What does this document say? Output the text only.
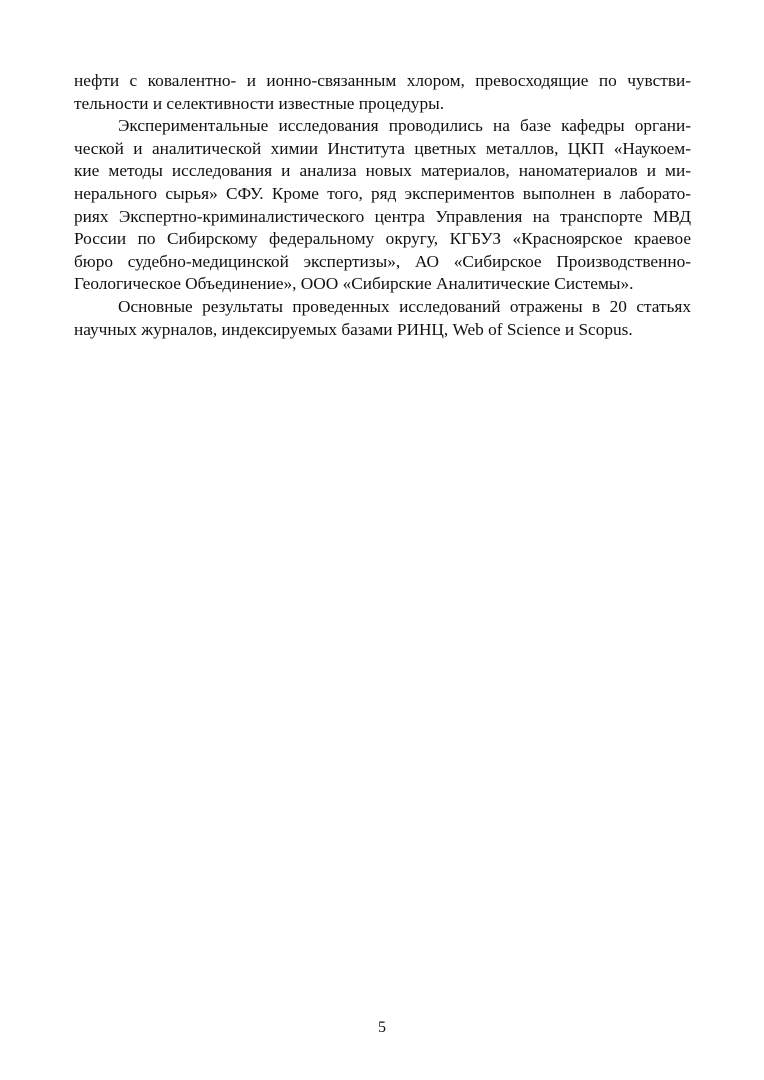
нефти с ковалентно- и ионно-связанным хлором, превосходящие по чувстви-
тельности и селективности известные процедуры.
Экспериментальные исследования проводились на базе кафедры органи-
ческой и аналитической химии Института цветных металлов, ЦКП «Наукоем-
кие методы исследования и анализа новых материалов, наноматериалов и ми-
нерального сырья» СФУ. Кроме того, ряд экспериментов выполнен в лаборато-
риях Экспертно-криминалистического центра Управления на транспорте МВД
России по Сибирскому федеральному округу, КГБУЗ «Красноярское краевое
бюро судебно-медицинской экспертизы», АО «Сибирское Производственно-
Геологическое Объединение», ООО «Сибирские Аналитические Системы».
Основные результаты проведенных исследований отражены в 20 статьях
научных журналов, индексируемых базами РИНЦ, Web of Science и Scopus.
5
